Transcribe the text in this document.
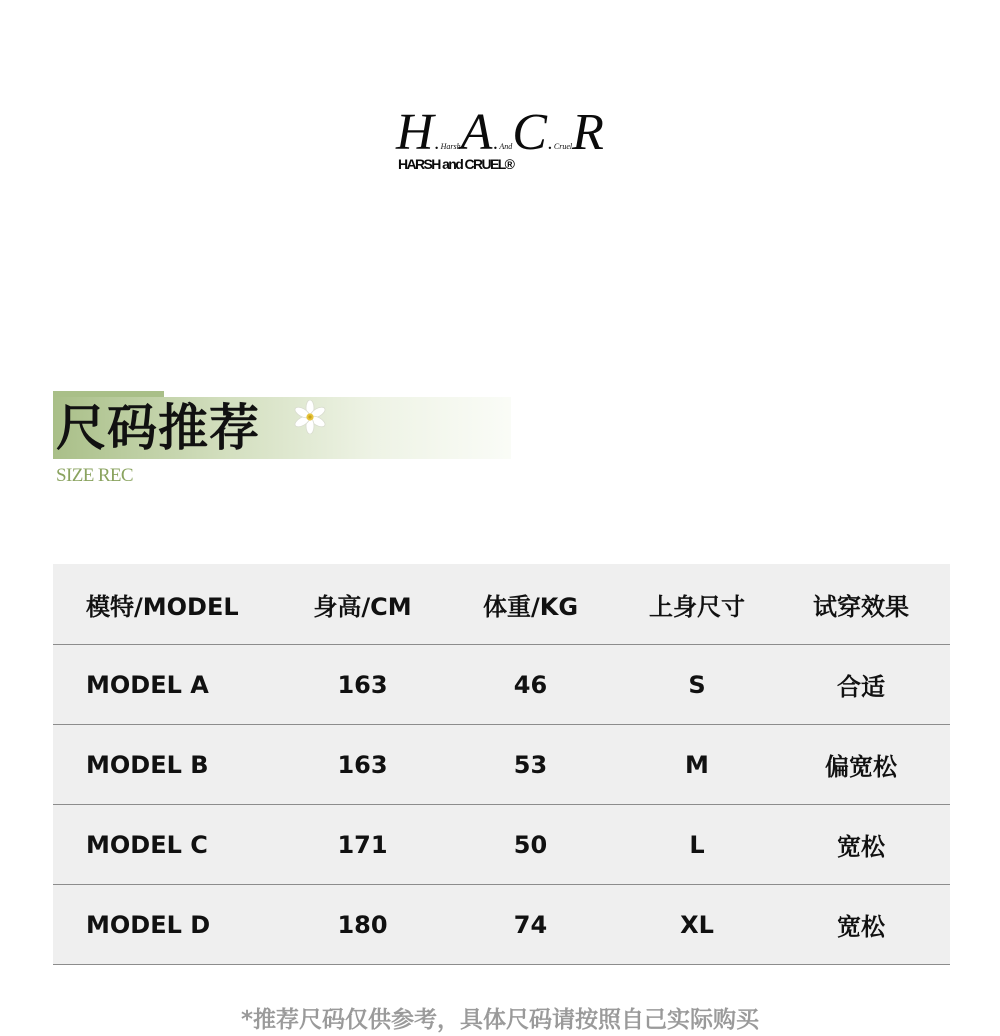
H.HarshA.AndC.CruelR
HARSH and CRUEL®
尺码推荐
SIZE REC
模特/MODEL	身高/CM	体重/KG	上身尺寸	试穿效果
MODEL A	163	46	S	合适
MODEL B	163	53	M	偏宽松
MODEL C	171	50	L	宽松
MODEL D	180	74	XL	宽松
*推荐尺码仅供参考，具体尺码请按照自己实际购买
